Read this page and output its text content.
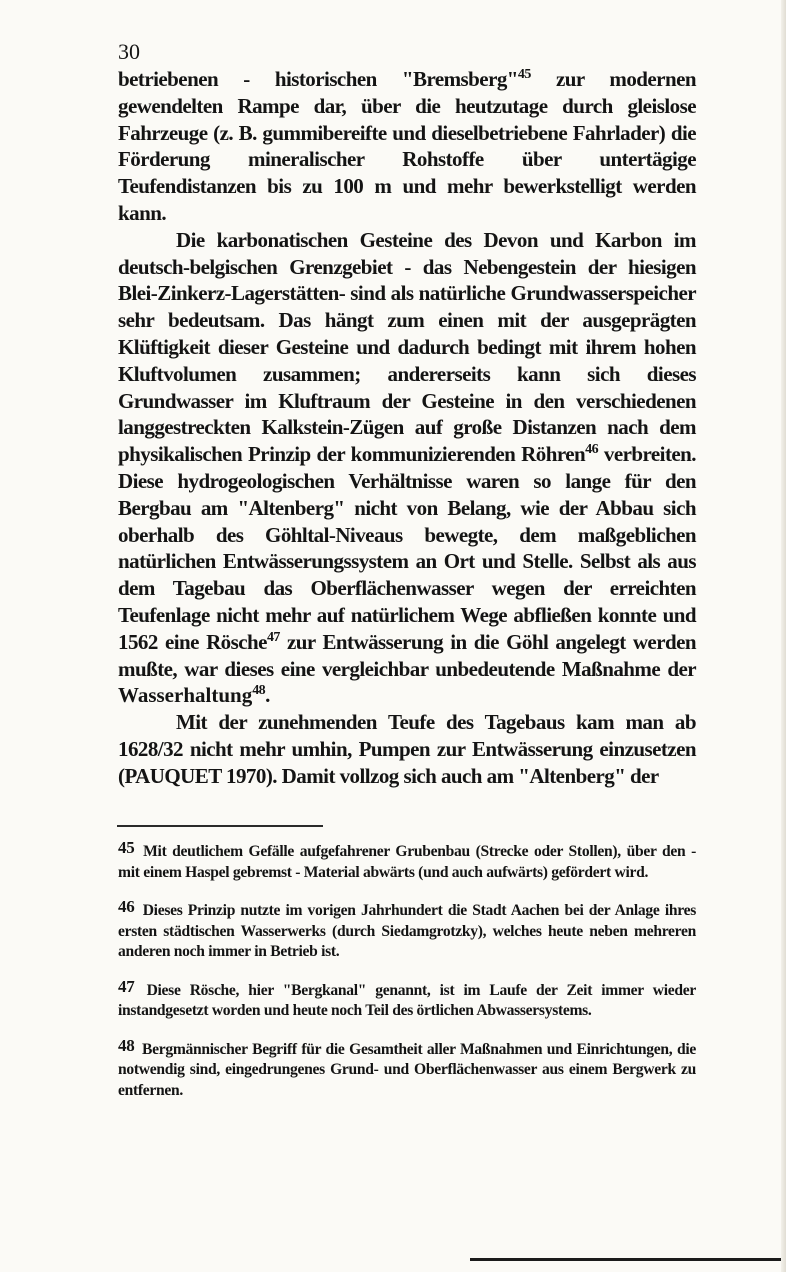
30

betriebenen - historischen "Bremsberg"$^{45}$ zur modernen gewendelten Rampe dar, über die heutzutage durch gleislose Fahrzeuge (z. B. gummibereifte und dieselbetriebene Fahrlader) die Förderung mineralischer Rohstoffe über untertägige Teufendistanzen bis zu 100 m und mehr bewerkstelligt werden kann.

Die karbonatischen Gesteine des Devon und Karbon im deutsch-belgischen Grenzgebiet - das Nebengestein der hiesigen Blei-Zinkerz-Lagerstätten- sind als natürliche Grundwasserspeicher sehr bedeutsam. Das hängt zum einen mit der ausgeprägten Klüftigkeit dieser Gesteine und dadurch bedingt mit ihrem hohen Kluftvolumen zusammen; andererseits kann sich dieses Grundwasser im Kluftraum der Gesteine in den verschiedenen langgestreckten Kalkstein-Zügen auf große Distanzen nach dem physikalischen Prinzip der kommunizierenden Röhren$^{46}$ verbreiten. Diese hydrogeologischen Verhältnisse waren so lange für den Bergbau am "Altenberg" nicht von Belang, wie der Abbau sich oberhalb des Göhltal-Niveaus bewegte, dem maßgeblichen natürlichen Entwässerungssystem an Ort und Stelle. Selbst als aus dem Tagebau das Oberflächenwasser wegen der erreichten Teufenlage nicht mehr auf natürlichem Wege abfließen konnte und 1562 eine Rösche$^{47}$ zur Entwässerung in die Göhl angelegt werden mußte, war dieses eine vergleichbar unbedeutende Maßnahme der Wasserhaltung$^{48}$.

Mit der zunehmenden Teufe des Tagebaus kam man ab 1628/32 nicht mehr umhin, Pumpen zur Entwässerung einzusetzen (PAUQUET 1970). Damit vollzog sich auch am "Altenberg" der

45 Mit deutlichem Gefälle aufgefahrener Grubenbau (Strecke oder Stollen), über den - mit einem Haspel gebremst - Material abwärts (und auch aufwärts) gefördert wird.

46 Dieses Prinzip nutzte im vorigen Jahrhundert die Stadt Aachen bei der Anlage ihres ersten städtischen Wasserwerks (durch Siedamgrotzky), welches heute neben mehreren anderen noch immer in Betrieb ist.

47 Diese Rösche, hier "Bergkanal" genannt, ist im Laufe der Zeit immer wieder instandgesetzt worden und heute noch Teil des örtlichen Abwassersystems.

48 Bergmännischer Begriff für die Gesamtheit aller Maßnahmen und Einrichtungen, die notwendig sind, eingedrungenes Grund- und Oberflächenwasser aus einem Bergwerk zu entfernen.
